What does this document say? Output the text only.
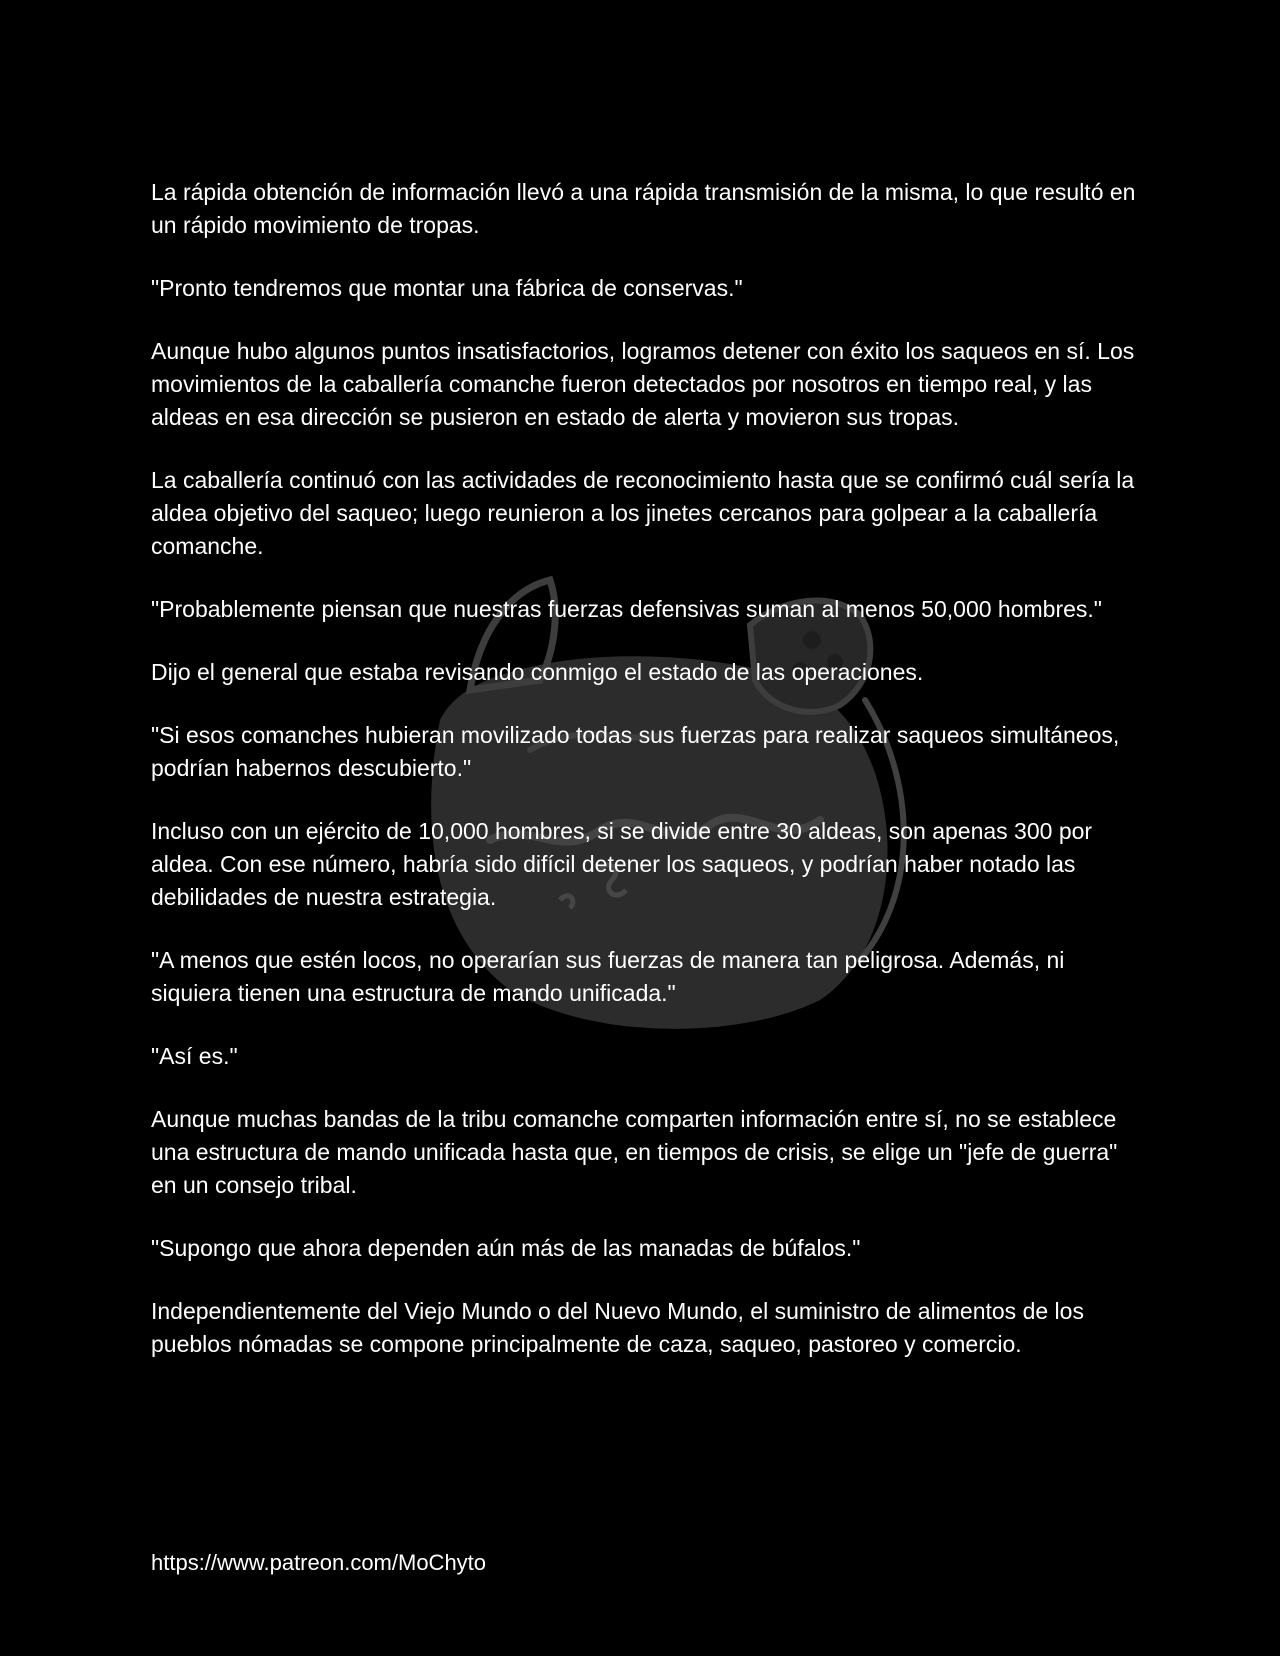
La rápida obtención de información llevó a una rápida transmisión de la misma, lo que resultó en un rápido movimiento de tropas.

"Pronto tendremos que montar una fábrica de conservas."

Aunque hubo algunos puntos insatisfactorios, logramos detener con éxito los saqueos en sí. Los movimientos de la caballería comanche fueron detectados por nosotros en tiempo real, y las aldeas en esa dirección se pusieron en estado de alerta y movieron sus tropas.

La caballería continuó con las actividades de reconocimiento hasta que se confirmó cuál sería la aldea objetivo del saqueo; luego reunieron a los jinetes cercanos para golpear a la caballería comanche.

"Probablemente piensan que nuestras fuerzas defensivas suman al menos 50,000 hombres."

Dijo el general que estaba revisando conmigo el estado de las operaciones.

"Si esos comanches hubieran movilizado todas sus fuerzas para realizar saqueos simultáneos, podrían habernos descubierto."

Incluso con un ejército de 10,000 hombres, si se divide entre 30 aldeas, son apenas 300 por aldea. Con ese número, habría sido difícil detener los saqueos, y podrían haber notado las debilidades de nuestra estrategia.

"A menos que estén locos, no operarían sus fuerzas de manera tan peligrosa. Además, ni siquiera tienen una estructura de mando unificada."

"Así es."

Aunque muchas bandas de la tribu comanche comparten información entre sí, no se establece una estructura de mando unificada hasta que, en tiempos de crisis, se elige un "jefe de guerra" en un consejo tribal.

"Supongo que ahora dependen aún más de las manadas de búfalos."

Independientemente del Viejo Mundo o del Nuevo Mundo, el suministro de alimentos de los pueblos nómadas se compone principalmente de caza, saqueo, pastoreo y comercio.

https://www.patreon.com/MoChyto
